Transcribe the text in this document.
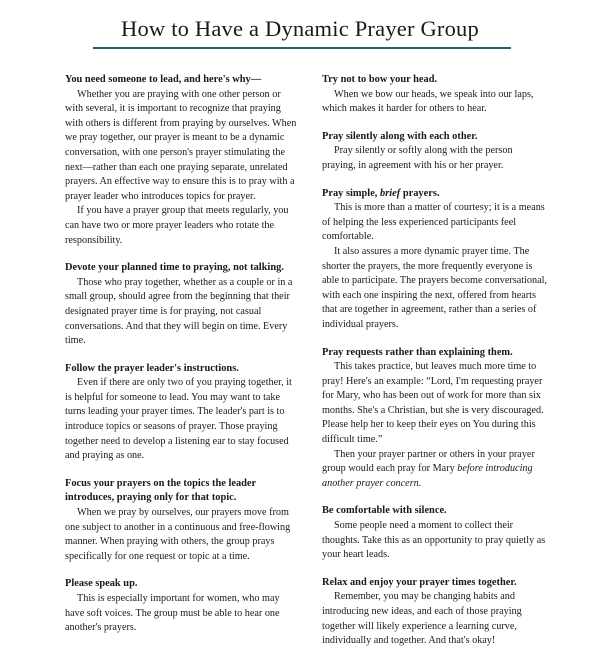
How to Have a Dynamic Prayer Group
You need someone to lead, and here's why—
Whether you are praying with one other person or with several, it is important to recognize that praying with others is different from praying by ourselves. When we pray together, our prayer is meant to be a dynamic conversation, with one person's prayer stimulating the next—rather than each one praying separate, unrelated prayers. An effective way to ensure this is to pray with a prayer leader who introduces topics for prayer.
If you have a prayer group that meets regularly, you can have two or more prayer leaders who rotate the responsibility.
Devote your planned time to praying, not talking.
Those who pray together, whether as a couple or in a small group, should agree from the beginning that their designated prayer time is for praying, not casual conversations. And that they will begin on time. Every time.
Follow the prayer leader's instructions.
Even if there are only two of you praying together, it is helpful for someone to lead. You may want to take turns leading your prayer times. The leader's part is to introduce topics or seasons of prayer. Those praying together need to develop a listening ear to stay focused and praying as one.
Focus your prayers on the topics the leader introduces, praying only for that topic.
When we pray by ourselves, our prayers move from one subject to another in a continuous and free-flowing manner. When praying with others, the group prays specifically for one request or topic at a time.
Please speak up.
This is especially important for women, who may have soft voices. The group must be able to hear one another's prayers.
Try not to bow your head.
When we bow our heads, we speak into our laps, which makes it harder for others to hear.
Pray silently along with each other.
Pray silently or softly along with the person praying, in agreement with his or her prayer.
Pray simple, brief prayers.
This is more than a matter of courtesy; it is a means of helping the less experienced participants feel comfortable.
It also assures a more dynamic prayer time. The shorter the prayers, the more frequently everyone is able to participate. The prayers become conversational, with each one inspiring the next, offered from hearts that are together in agreement, rather than a series of individual prayers.
Pray requests rather than explaining them.
This takes practice, but leaves much more time to pray! Here's an example: “Lord, I'm requesting prayer for Mary, who has been out of work for more than six months. She's a Christian, but she is very discouraged. Please help her to keep their eyes on You during this difficult time.”
Then your prayer partner or others in your prayer group would each pray for Mary before introducing another prayer concern.
Be comfortable with silence.
Some people need a moment to collect their thoughts. Take this as an opportunity to pray quietly as your heart leads.
Relax and enjoy your prayer times together.
Remember, you may be changing habits and introducing new ideas, and each of those praying together will likely experience a learning curve, individually and together. And that's okay!
